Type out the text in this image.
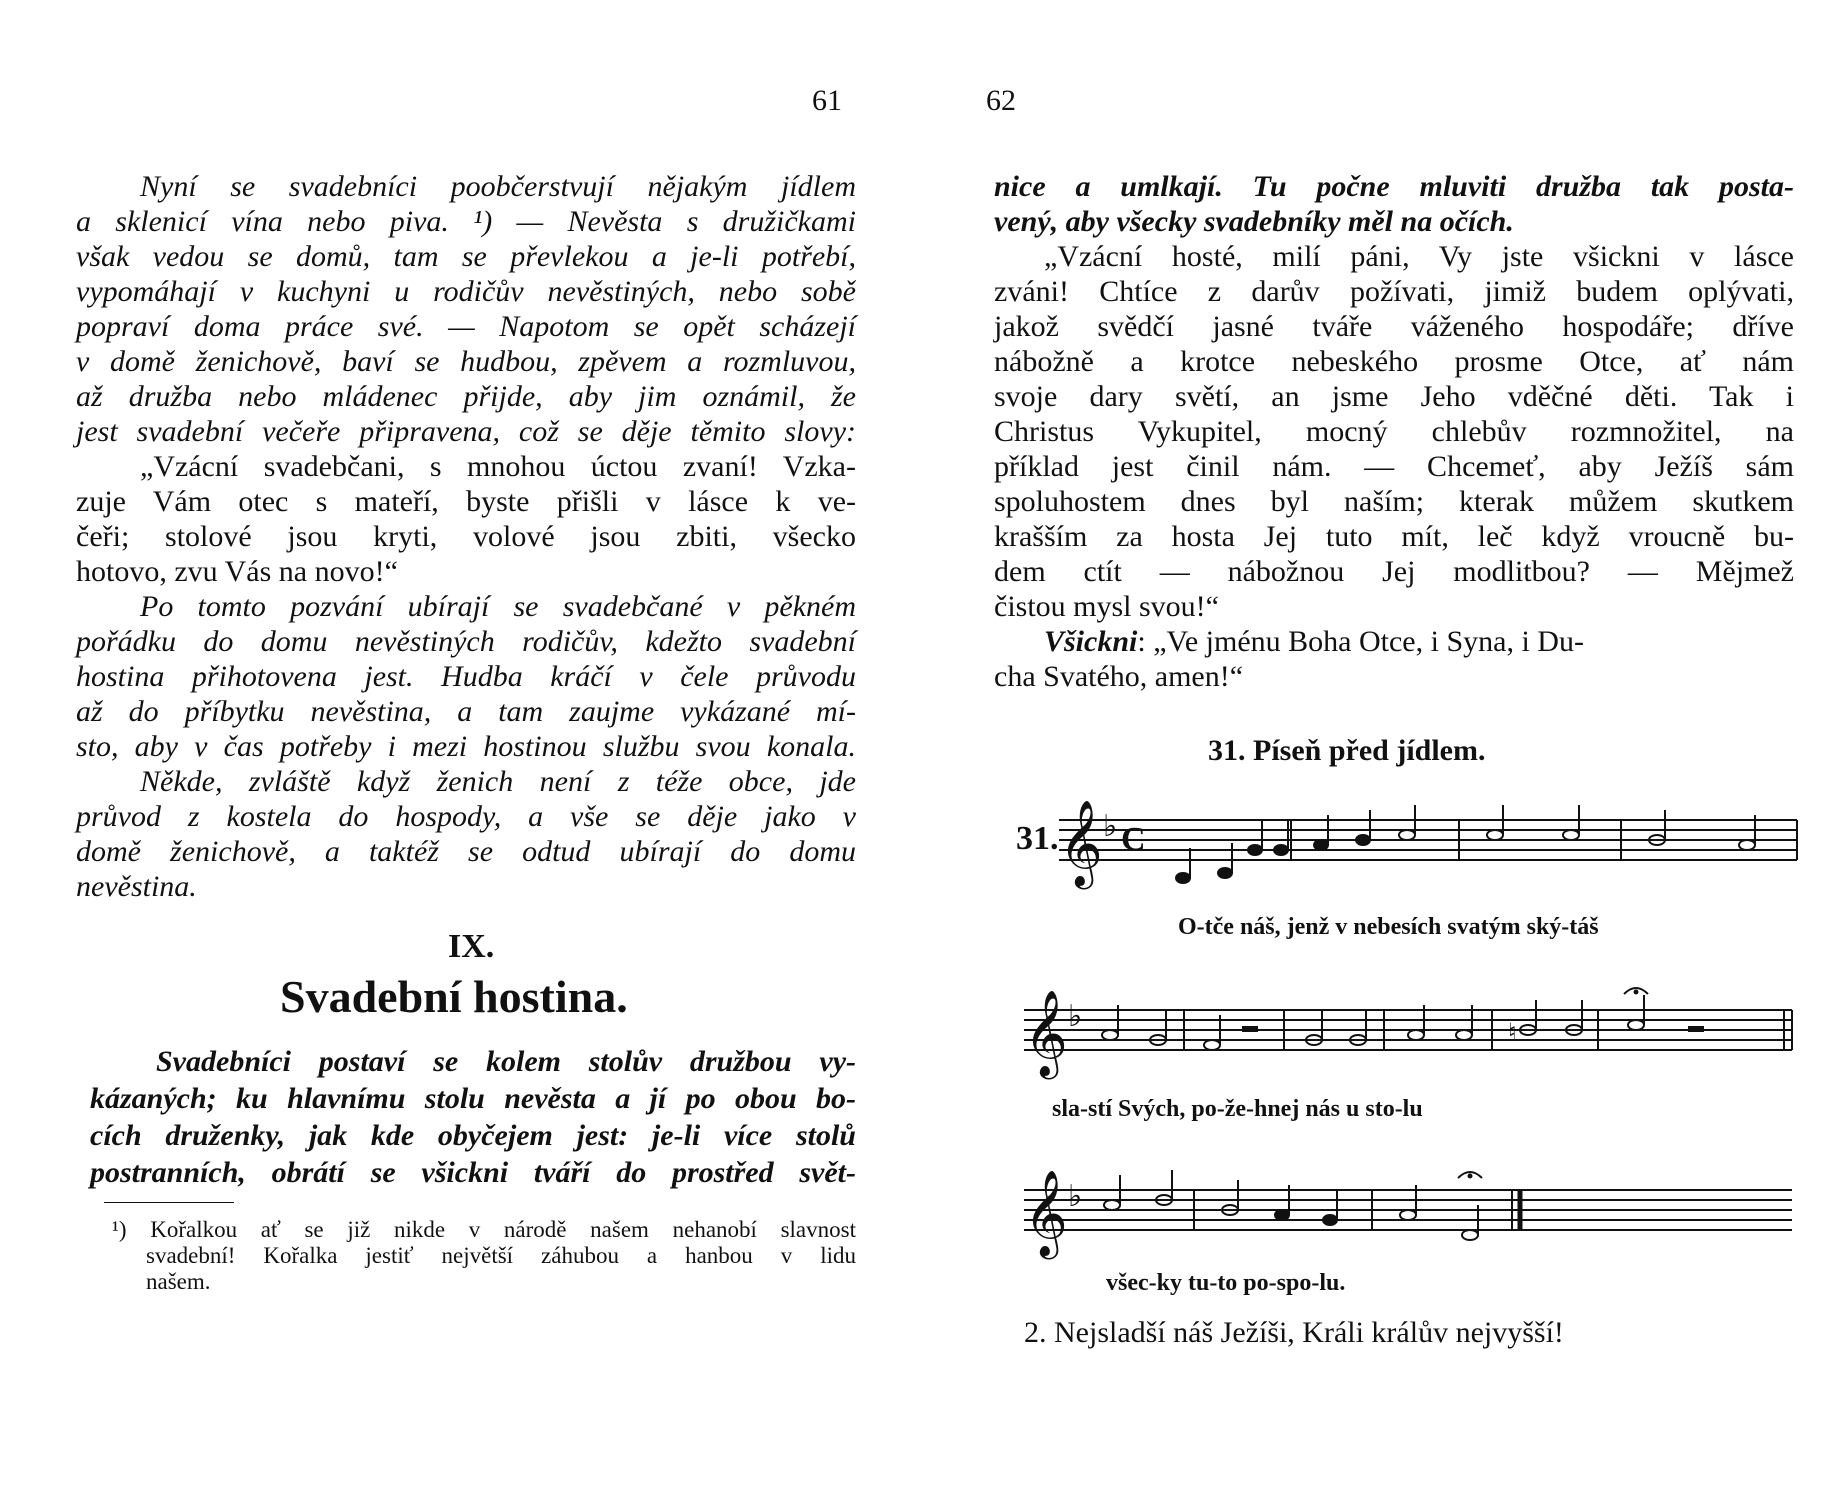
61
Nyní se svadebníci poobčerstvují nějakým jídlem
a sklenicí vína nebo piva. ¹) — Nevěsta s družičkami
však vedou se domů, tam se převlekou a je-li potřebí,
vypomáhají v kuchyni u rodičův nevěstiných, nebo sobě
popraví doma práce své. — Napotom se opět scházejí
v domě ženichově, baví se hudbou, zpěvem a rozmluvou,
až družba nebo mládenec přijde, aby jim oznámil, že
jest svadební večeře připravena, což se děje těmito slovy:
„Vzácní svadebčani, s mnohou úctou zvaní! Vzka-
zuje Vám otec s mateří, byste přišli v lásce k ve-
čeři; stolové jsou kryti, volové jsou zbiti, všecko
hotovo, zvu Vás na novo!“
Po tomto pozvání ubírají se svadebčané v pěkném
pořádku do domu nevěstiných rodičův, kdežto svadební
hostina přihotovena jest. Hudba kráčí v čele průvodu
až do příbytku nevěstina, a tam zaujme vykázané mí-
sto, aby v čas potřeby i mezi hostinou službu svou konala.
Někde, zvláště když ženich není z téže obce, jde
průvod z kostela do hospody, a vše se děje jako v
domě ženichově, a taktéž se odtud ubírají do domu
nevěstina.
IX.
Svadební hostina.
Svadebníci postaví se kolem stolův družbou vy-
kázaných; ku hlavnímu stolu nevěsta a jí po obou bo-
cích druženky, jak kde obyčejem jest: je-li více stolů
postranních, obrátí se všickni tváří do prostřed svět-
¹) Kořalkou ať se již nikde v národě našem nehanobí slavnost
svadební! Kořalka jestiť největší záhubou a hanbou v lidu
našem.
62
nice a umlkají. Tu počne mluviti družba tak posta-
vený, aby všecky svadebníky měl na očích.
„Vzácní hosté, milí páni, Vy jste všickni v lásce
zváni! Chtíce z darův požívati, jimiž budem oplývati,
jakož svědčí jasné tváře váženého hospodáře; dříve
nábožně a krotce nebeského prosme Otce, ať nám
svoje dary světí, an jsme Jeho vděčné děti. Tak i
Christus Vykupitel, mocný chlebův rozmnožitel, na
příklad jest činil nám. — Chcemeť, aby Ježíš sám
spoluhostem dnes byl naším; kterak můžem skutkem
krašším za hosta Jej tuto mít, leč když vroucně bu-
dem ctít — nábožnou Jej modlitbou? — Mějmež
čistou mysl svou!“
Všickni: „Ve jménu Boha Otce, i Syna, i Du-
cha Svatého, amen!“
31. Píseň před jídlem.
31. 𝄞 ♭ C
O-tče náš, jenž v nebesích svatým ský-táš
𝄞 ♭	♮
sla-stí Svých, po-že-hnej nás u sto-lu
𝄞 ♭
všec-ky tu-to po-spo-lu.
2. Nejsladší náš Ježíši, Králi králův nejvyšší!
